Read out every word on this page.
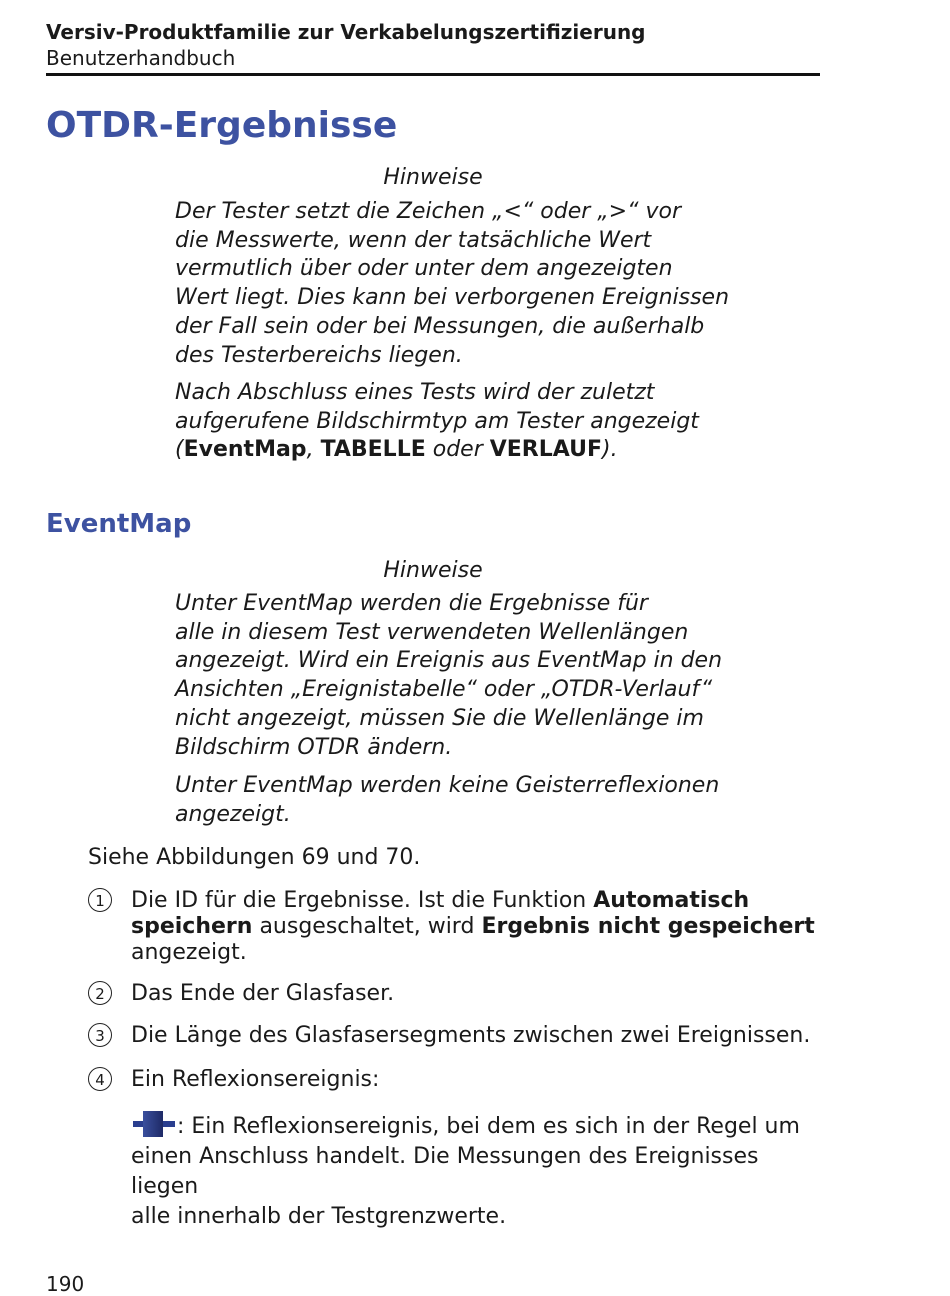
Versiv-Produktfamilie zur Verkabelungszertifizierung
Benutzerhandbuch
OTDR-Ergebnisse
Hinweise
Der Tester setzt die Zeichen „<“ oder „>“ vor
die Messwerte, wenn der tatsächliche Wert
vermutlich über oder unter dem angezeigten
Wert liegt. Dies kann bei verborgenen Ereignissen
der Fall sein oder bei Messungen, die außerhalb
des Testerbereichs liegen.
Nach Abschluss eines Tests wird der zuletzt
aufgerufene Bildschirmtyp am Tester angezeigt
(EventMap, TABELLE oder VERLAUF).
EventMap
Hinweise
Unter EventMap werden die Ergebnisse für
alle in diesem Test verwendeten Wellenlängen
angezeigt. Wird ein Ereignis aus EventMap in den
Ansichten „Ereignistabelle“ oder „OTDR-Verlauf“
nicht angezeigt, müssen Sie die Wellenlänge im
Bildschirm OTDR ändern.
Unter EventMap werden keine Geisterreflexionen
angezeigt.
Siehe Abbildungen 69 und 70.
1	Die ID für die Ergebnisse. Ist die Funktion Automatisch
speichern ausgeschaltet, wird Ergebnis nicht gespeichert
angezeigt.
2	Das Ende der Glasfaser.
3	Die Länge des Glasfasersegments zwischen zwei Ereignissen.
4	Ein Reflexionsereignis:
: Ein Reflexionsereignis, bei dem es sich in der Regel um
einen Anschluss handelt. Die Messungen des Ereignisses liegen
alle innerhalb der Testgrenzwerte.
190
